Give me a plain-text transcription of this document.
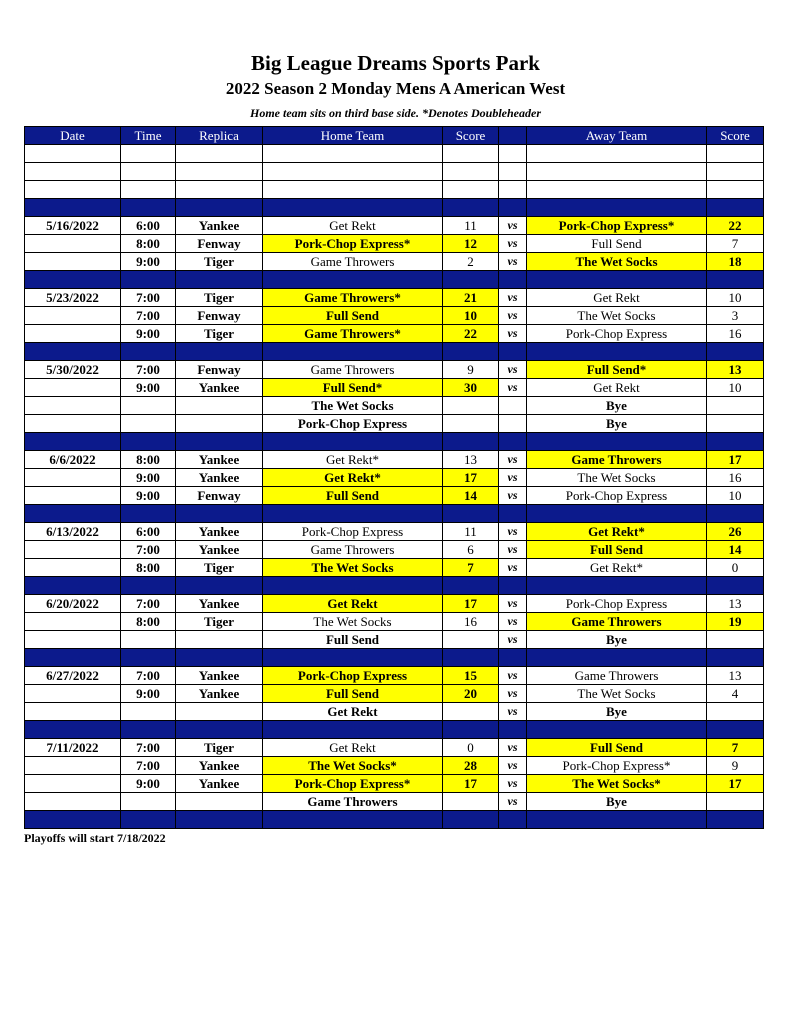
Big League Dreams Sports Park
2022 Season 2 Monday Mens A American West
Home team sits on third base side. *Denotes Doubleheader
Date	Time	Replica	Home Team	Score		Away Team	Score

5/16/2022	6:00	Yankee	Get Rekt	11	vs	Pork-Chop Express*	22
	8:00	Fenway	Pork-Chop Express*	12	vs	Full Send	7
	9:00	Tiger	Game Throwers	2	vs	The Wet Socks	18

5/23/2022	7:00	Tiger	Game Throwers*	21	vs	Get Rekt	10
	7:00	Fenway	Full Send	10	vs	The Wet Socks	3
	9:00	Tiger	Game Throwers*	22	vs	Pork-Chop Express	16

5/30/2022	7:00	Fenway	Game Throwers	9	vs	Full Send*	13
	9:00	Yankee	Full Send*	30	vs	Get Rekt	10
			The Wet Socks			Bye	
			Pork-Chop Express			Bye	

6/6/2022	8:00	Yankee	Get Rekt*	13	vs	Game Throwers	17
	9:00	Yankee	Get Rekt*	17	vs	The Wet Socks	16
	9:00	Fenway	Full Send	14	vs	Pork-Chop Express	10

6/13/2022	6:00	Yankee	Pork-Chop Express	11	vs	Get Rekt*	26
	7:00	Yankee	Game Throwers	6	vs	Full Send	14
	8:00	Tiger	The Wet Socks	7	vs	Get Rekt*	0

6/20/2022	7:00	Yankee	Get Rekt	17	vs	Pork-Chop Express	13
	8:00	Tiger	The Wet Socks	16	vs	Game Throwers	19
			Full Send		vs	Bye	

6/27/2022	7:00	Yankee	Pork-Chop Express	15	vs	Game Throwers	13
	9:00	Yankee	Full Send	20	vs	The Wet Socks	4
			Get Rekt		vs	Bye	

7/11/2022	7:00	Tiger	Get Rekt	0	vs	Full Send	7
	7:00	Yankee	The Wet Socks*	28	vs	Pork-Chop Express*	9
	9:00	Yankee	Pork-Chop Express*	17	vs	The Wet Socks*	17
			Game Throwers		vs	Bye	

Playoffs will start 7/18/2022
